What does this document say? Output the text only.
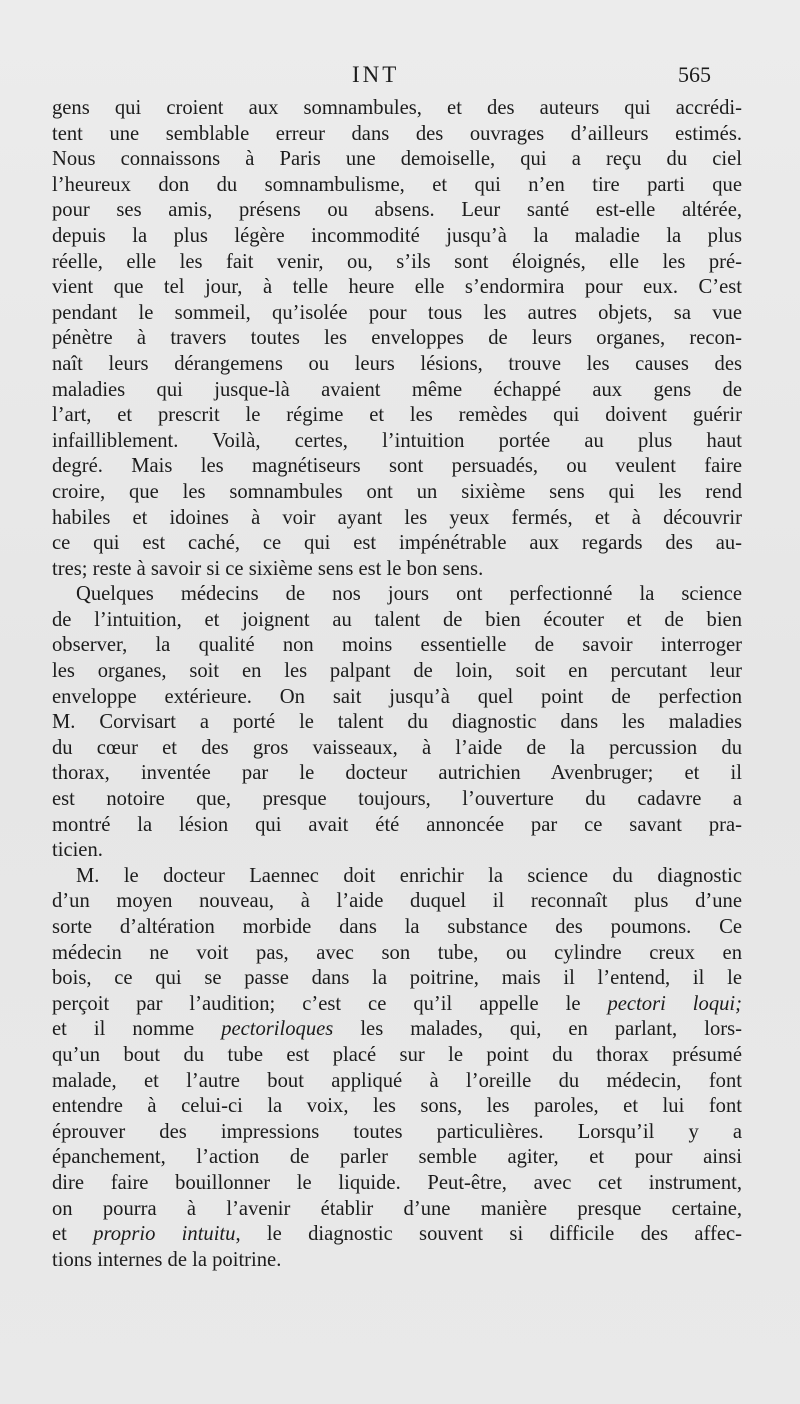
INT	565
gens qui croient aux somnambules, et des auteurs qui accrédi-
tent une semblable erreur dans des ouvrages d’ailleurs estimés.
Nous connaissons à Paris une demoiselle, qui a reçu du ciel
l’heureux don du somnambulisme, et qui n’en tire parti que
pour ses amis, présens ou absens. Leur santé est-elle altérée,
depuis la plus légère incommodité jusqu’à la maladie la plus
réelle, elle les fait venir, ou, s’ils sont éloignés, elle les pré-
vient que tel jour, à telle heure elle s’endormira pour eux. C’est
pendant le sommeil, qu’isolée pour tous les autres objets, sa vue
pénètre à travers toutes les enveloppes de leurs organes, recon-
naît leurs dérangemens ou leurs lésions, trouve les causes des
maladies qui jusque-là avaient même échappé aux gens de
l’art, et prescrit le régime et les remèdes qui doivent guérir
infailliblement. Voilà, certes, l’intuition portée au plus haut
degré. Mais les magnétiseurs sont persuadés, ou veulent faire
croire, que les somnambules ont un sixième sens qui les rend
habiles et idoines à voir ayant les yeux fermés, et à découvrir
ce qui est caché, ce qui est impénétrable aux regards des au-
tres; reste à savoir si ce sixième sens est le bon sens.
Quelques médecins de nos jours ont perfectionné la science
de l’intuition, et joignent au talent de bien écouter et de bien
observer, la qualité non moins essentielle de savoir interroger
les organes, soit en les palpant de loin, soit en percutant leur
enveloppe extérieure. On sait jusqu’à quel point de perfection
M. Corvisart a porté le talent du diagnostic dans les maladies
du cœur et des gros vaisseaux, à l’aide de la percussion du
thorax, inventée par le docteur autrichien Avenbruger; et il
est notoire que, presque toujours, l’ouverture du cadavre a
montré la lésion qui avait été annoncée par ce savant pra-
ticien.
M. le docteur Laennec doit enrichir la science du diagnostic
d’un moyen nouveau, à l’aide duquel il reconnaît plus d’une
sorte d’altération morbide dans la substance des poumons. Ce
médecin ne voit pas, avec son tube, ou cylindre creux en
bois, ce qui se passe dans la poitrine, mais il l’entend, il le
perçoit par l’audition; c’est ce qu’il appelle le pectori loqui;
et il nomme pectoriloques les malades, qui, en parlant, lors-
qu’un bout du tube est placé sur le point du thorax présumé
malade, et l’autre bout appliqué à l’oreille du médecin, font
entendre à celui-ci la voix, les sons, les paroles, et lui font
éprouver des impressions toutes particulières. Lorsqu’il y a
épanchement, l’action de parler semble agiter, et pour ainsi
dire faire bouillonner le liquide. Peut-être, avec cet instrument,
on pourra à l’avenir établir d’une manière presque certaine,
et proprio intuitu, le diagnostic souvent si difficile des affec-
tions internes de la poitrine.
